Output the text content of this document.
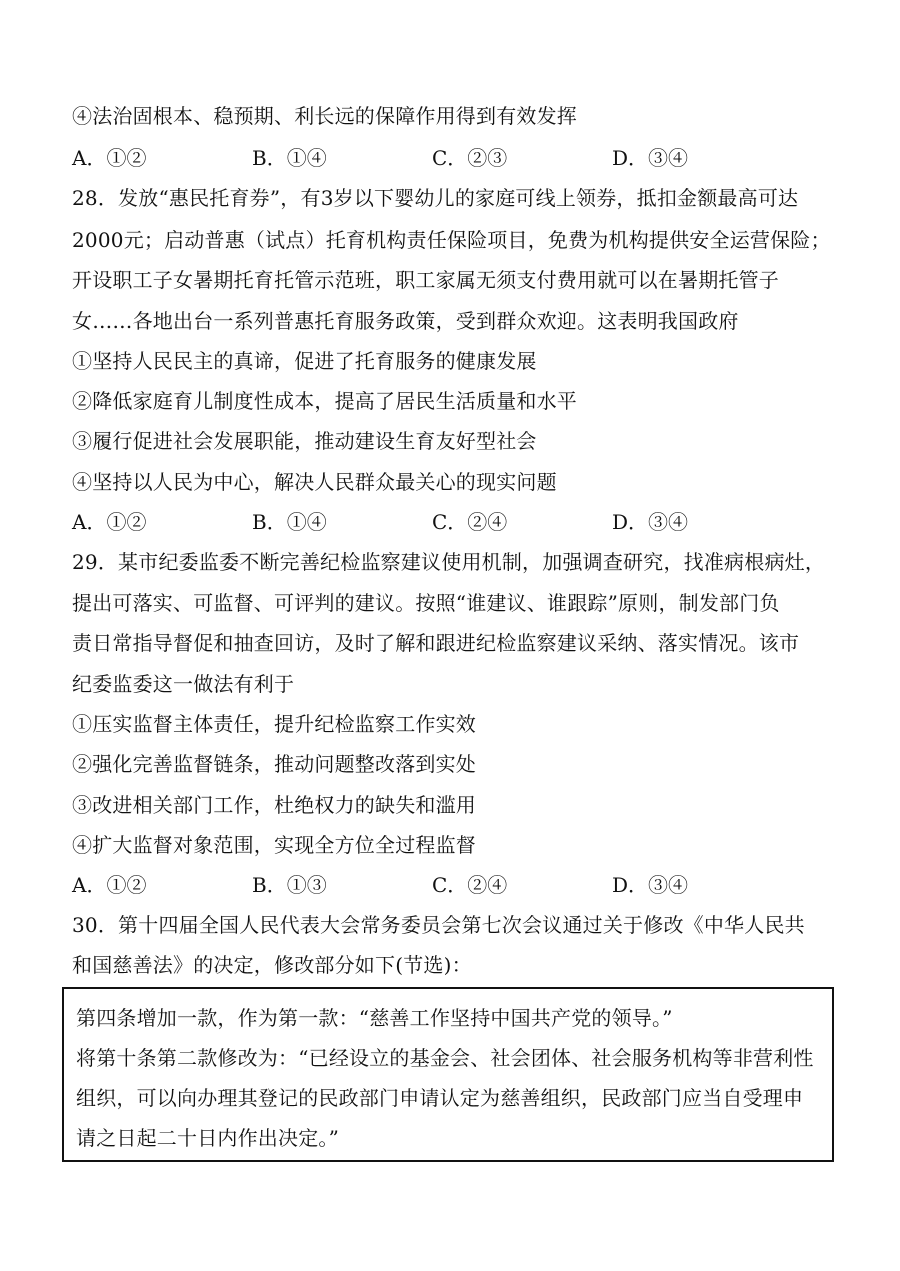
④法治固根本、稳预期、利长远的保障作用得到有效发挥
A．①②	B．①④	C．②③	D．③④
28．发放“惠民托育券”，有3岁以下婴幼儿的家庭可线上领券，抵扣金额最高可达
2000元；启动普惠（试点）托育机构责任保险项目，免费为机构提供安全运营保险；
开设职工子女暑期托育托管示范班，职工家属无须支付费用就可以在暑期托管子
女……各地出台一系列普惠托育服务政策，受到群众欢迎。这表明我国政府
①坚持人民民主的真谛，促进了托育服务的健康发展
②降低家庭育儿制度性成本，提高了居民生活质量和水平
③履行促进社会发展职能，推动建设生育友好型社会
④坚持以人民为中心，解决人民群众最关心的现实问题
A．①②	B．①④	C．②④	D．③④
29．某市纪委监委不断完善纪检监察建议使用机制，加强调查研究，找准病根病灶，
提出可落实、可监督、可评判的建议。按照“谁建议、谁跟踪”原则，制发部门负
责日常指导督促和抽查回访，及时了解和跟进纪检监察建议采纳、落实情况。该市
纪委监委这一做法有利于
①压实监督主体责任，提升纪检监察工作实效
②强化完善监督链条，推动问题整改落到实处
③改进相关部门工作，杜绝权力的缺失和滥用
④扩大监督对象范围，实现全方位全过程监督
A．①②	B．①③	C．②④	D．③④
30．第十四届全国人民代表大会常务委员会第七次会议通过关于修改《中华人民共
和国慈善法》的决定，修改部分如下(节选)：
第四条增加一款，作为第一款：“慈善工作坚持中国共产党的领导。”
将第十条第二款修改为：“已经设立的基金会、社会团体、社会服务机构等非营利性
组织，可以向办理其登记的民政部门申请认定为慈善组织，民政部门应当自受理申
请之日起二十日内作出决定。”
